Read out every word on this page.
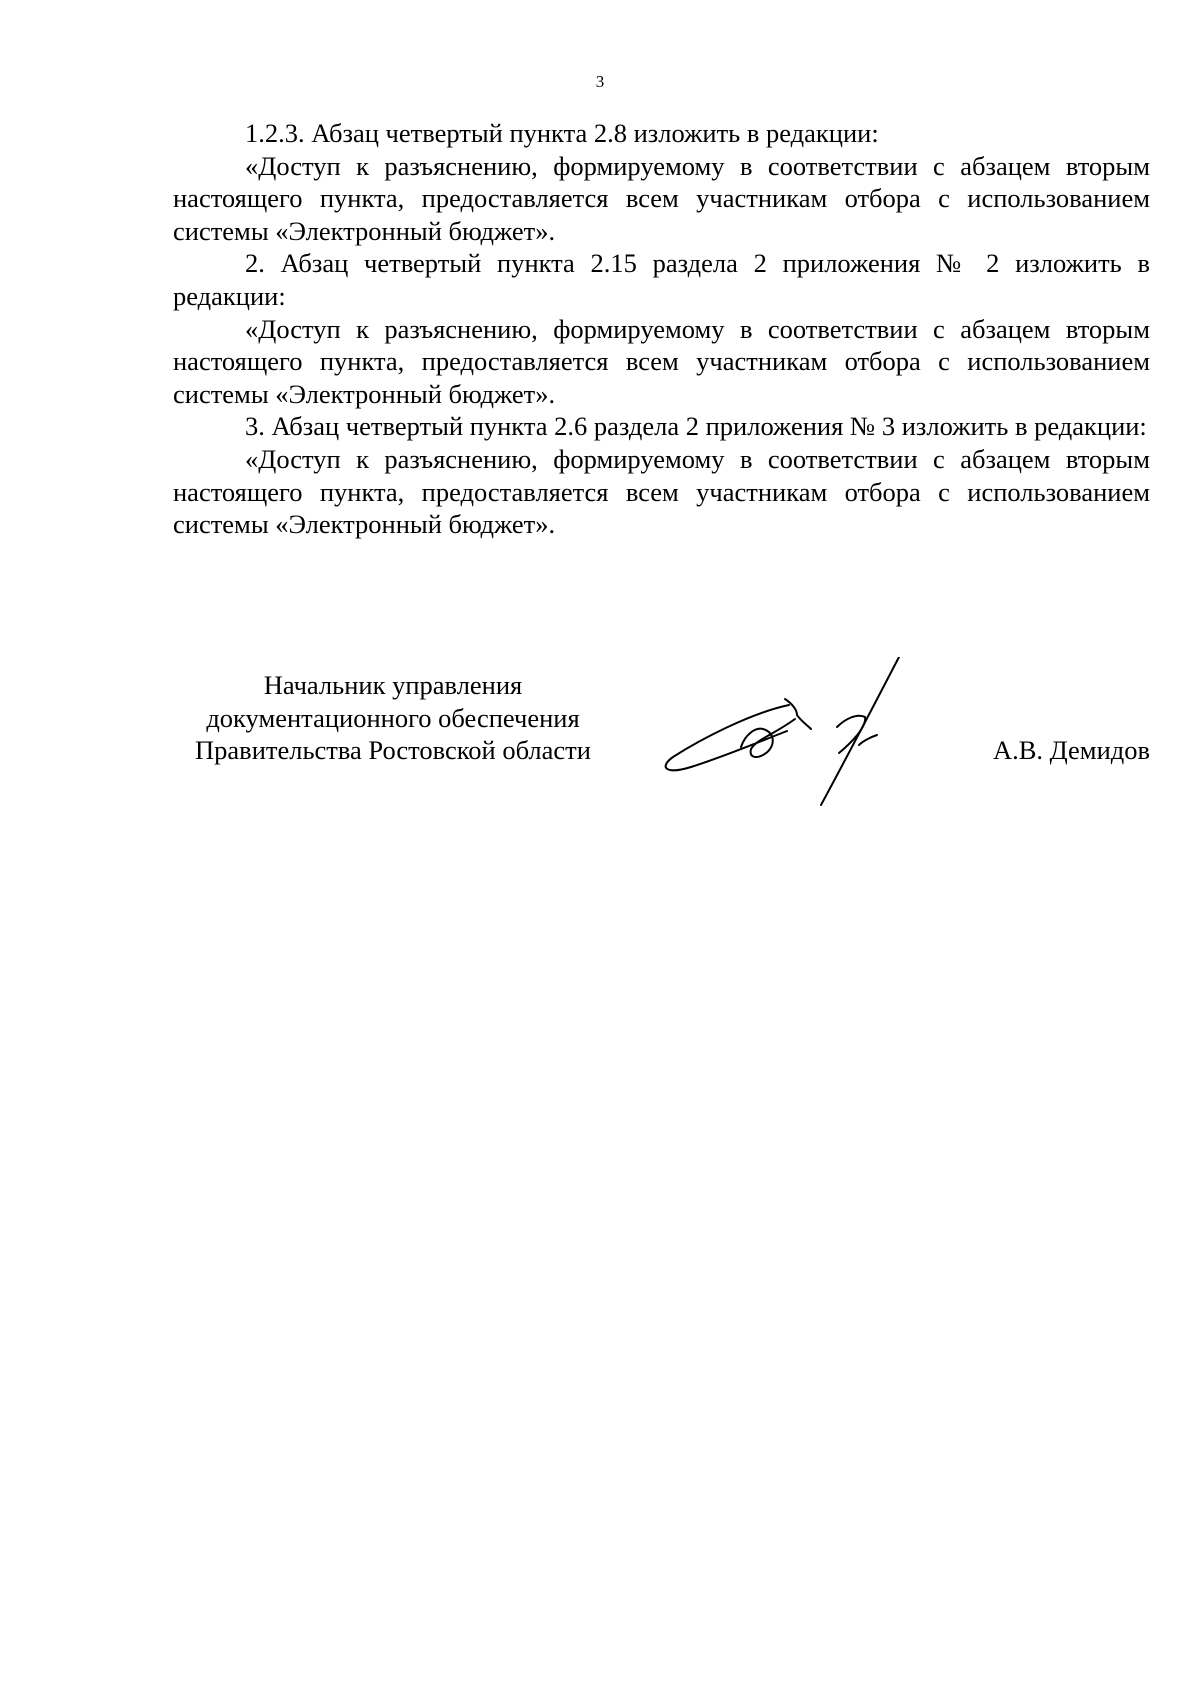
3

1.2.3. Абзац четвертый пункта 2.8 изложить в редакции:

«Доступ к разъяснению, формируемому в соответствии с абзацем вторым настоящего пункта, предоставляется всем участникам отбора с использованием системы «Электронный бюджет».

2. Абзац четвертый пункта 2.15 раздела 2 приложения № 2 изложить в редакции:

«Доступ к разъяснению, формируемому в соответствии с абзацем вторым настоящего пункта, предоставляется всем участникам отбора с использованием системы «Электронный бюджет».

3. Абзац четвертый пункта 2.6 раздела 2 приложения № 3 изложить в редакции:

«Доступ к разъяснению, формируемому в соответствии с абзацем вторым настоящего пункта, предоставляется всем участникам отбора с использованием системы «Электронный бюджет».

Начальник управления
документационного обеспечения
Правительства Ростовской области	А.В. Демидов
